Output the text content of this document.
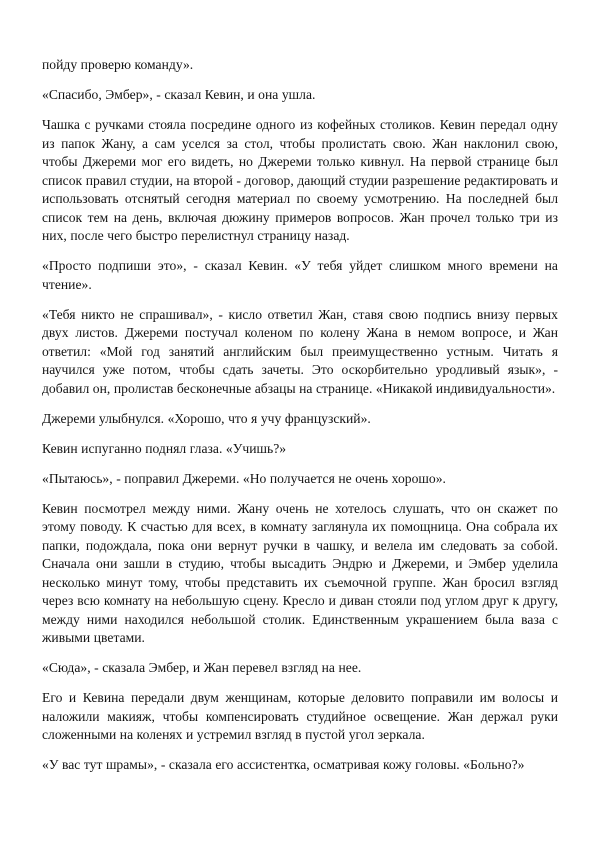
пойду проверю команду».

«Спасибо, Эмбер», - сказал Кевин, и она ушла.

Чашка с ручками стояла посредине одного из кофейных столиков. Кевин передал одну из папок Жану, а сам уселся за стол, чтобы пролистать свою. Жан наклонил свою, чтобы Джереми мог его видеть, но Джереми только кивнул. На первой странице был список правил студии, на второй - договор, дающий студии разрешение редактировать и использовать отснятый сегодня материал по своему усмотрению. На последней был список тем на день, включая дюжину примеров вопросов. Жан прочел только три из них, после чего быстро перелистнул страницу назад.

«Просто подпиши это», - сказал Кевин. «У тебя уйдет слишком много времени на чтение».

«Тебя никто не спрашивал», - кисло ответил Жан, ставя свою подпись внизу первых двух листов. Джереми постучал коленом по колену Жана в немом вопросе, и Жан ответил: «Мой год занятий английским был преимущественно устным. Читать я научился уже потом, чтобы сдать зачеты. Это оскорбительно уродливый язык», - добавил он, пролистав бесконечные абзацы на странице. «Никакой индивидуальности».

Джереми улыбнулся. «Хорошо, что я учу французский».

Кевин испуганно поднял глаза. «Учишь?»

«Пытаюсь», - поправил Джереми. «Но получается не очень хорошо».

Кевин посмотрел между ними. Жану очень не хотелось слушать, что он скажет по этому поводу. К счастью для всех, в комнату заглянула их помощница. Она собрала их папки, подождала, пока они вернут ручки в чашку, и велела им следовать за собой. Сначала они зашли в студию, чтобы высадить Эндрю и Джереми, и Эмбер уделила несколько минут тому, чтобы представить их съемочной группе. Жан бросил взгляд через всю комнату на небольшую сцену. Кресло и диван стояли под углом друг к другу, между ними находился небольшой столик. Единственным украшением была ваза с живыми цветами.

«Сюда», - сказала Эмбер, и Жан перевел взгляд на нее.

Его и Кевина передали двум женщинам, которые деловито поправили им волосы и наложили макияж, чтобы компенсировать студийное освещение. Жан держал руки сложенными на коленях и устремил взгляд в пустой угол зеркала.

«У вас тут шрамы», - сказала его ассистентка, осматривая кожу головы. «Больно?»
